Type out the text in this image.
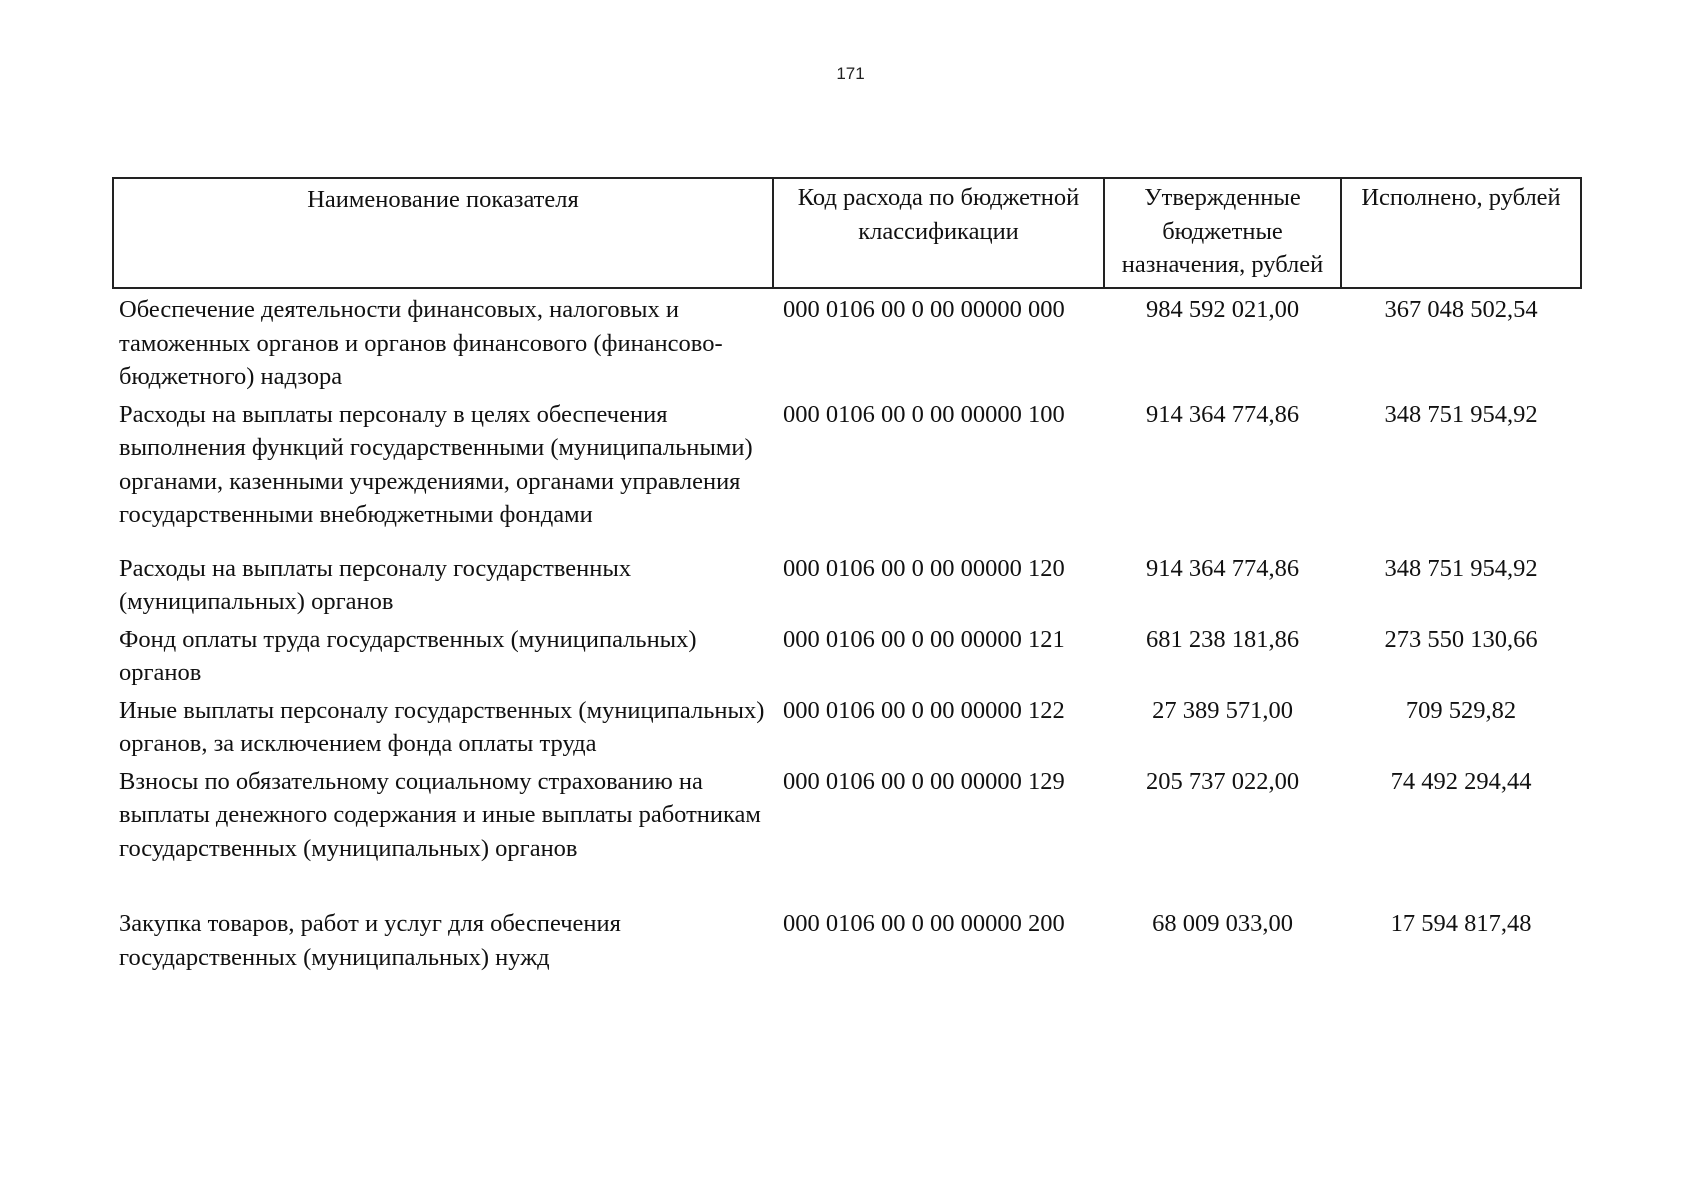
171
Наименование показателя	Код расхода по бюджетной классификации	Утвержденные бюджетные назначения, рублей	Исполнено, рублей
Обеспечение деятельности финансовых, налоговых и таможенных органов и органов финансового (финансово-бюджетного) надзора	000 0106 00 0 00 00000 000	984 592 021,00	367 048 502,54
Расходы на выплаты персоналу в целях обеспечения выполнения функций государственными (муниципальными) органами, казенными учреждениями, органами управления государственными внебюджетными фондами	000 0106 00 0 00 00000 100	914 364 774,86	348 751 954,92
Расходы на выплаты персоналу государственных (муниципальных) органов	000 0106 00 0 00 00000 120	914 364 774,86	348 751 954,92
Фонд оплаты труда государственных (муниципальных) органов	000 0106 00 0 00 00000 121	681 238 181,86	273 550 130,66
Иные выплаты персоналу государственных (муниципальных) органов, за исключением фонда оплаты труда	000 0106 00 0 00 00000 122	27 389 571,00	709 529,82
Взносы по обязательному социальному страхованию на выплаты денежного содержания и иные выплаты работникам государственных (муниципальных) органов	000 0106 00 0 00 00000 129	205 737 022,00	74 492 294,44
Закупка товаров, работ и услуг для обеспечения государственных (муниципальных) нужд	000 0106 00 0 00 00000 200	68 009 033,00	17 594 817,48
